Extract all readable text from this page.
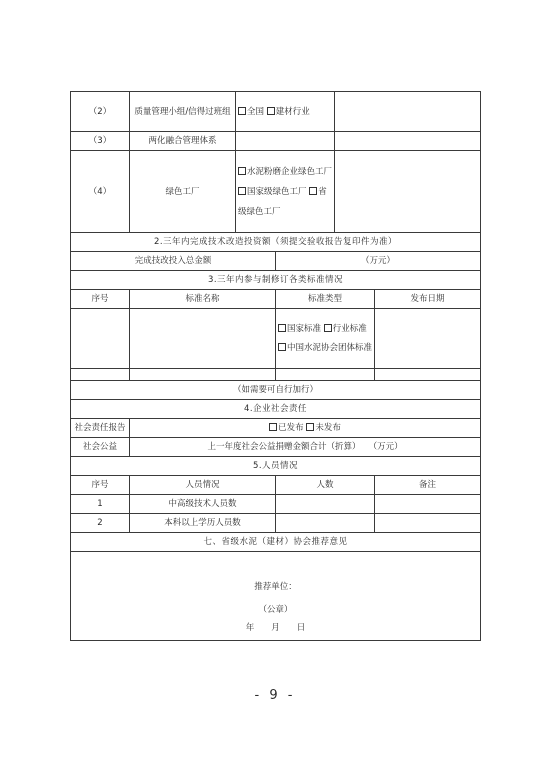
（2）	质量管理小组/信得过班组	全国 建材行业			
（3）	两化融合管理体系				
（4）	绿色工厂	水泥粉磨企业绿色工厂 国家级绿色工厂 省级绿色工厂			
2.三年内完成技术改造投资额（须提交验收报告复印件为准）					
完成技改投入总金额			（万元）		
3.三年内参与制修订各类标准情况					
序号	标准名称		标准类型		发布日期
			国家标准 行业标准 中国水泥协会团体标准		

（如需要可自行加行）					
4.企业社会责任					
社会责任报告	已发布 未发布				
社会公益	上一年度社会公益捐赠金额合计（折算） （万元）				
5.人员情况					
序号	人员情况		人数		备注
1	中高级技术人员数				
2	本科以上学历人员数				
七、省级水泥（建材）协会推荐意见					

推荐单位：
（公章）
年　　月　　日					
- 9 -
